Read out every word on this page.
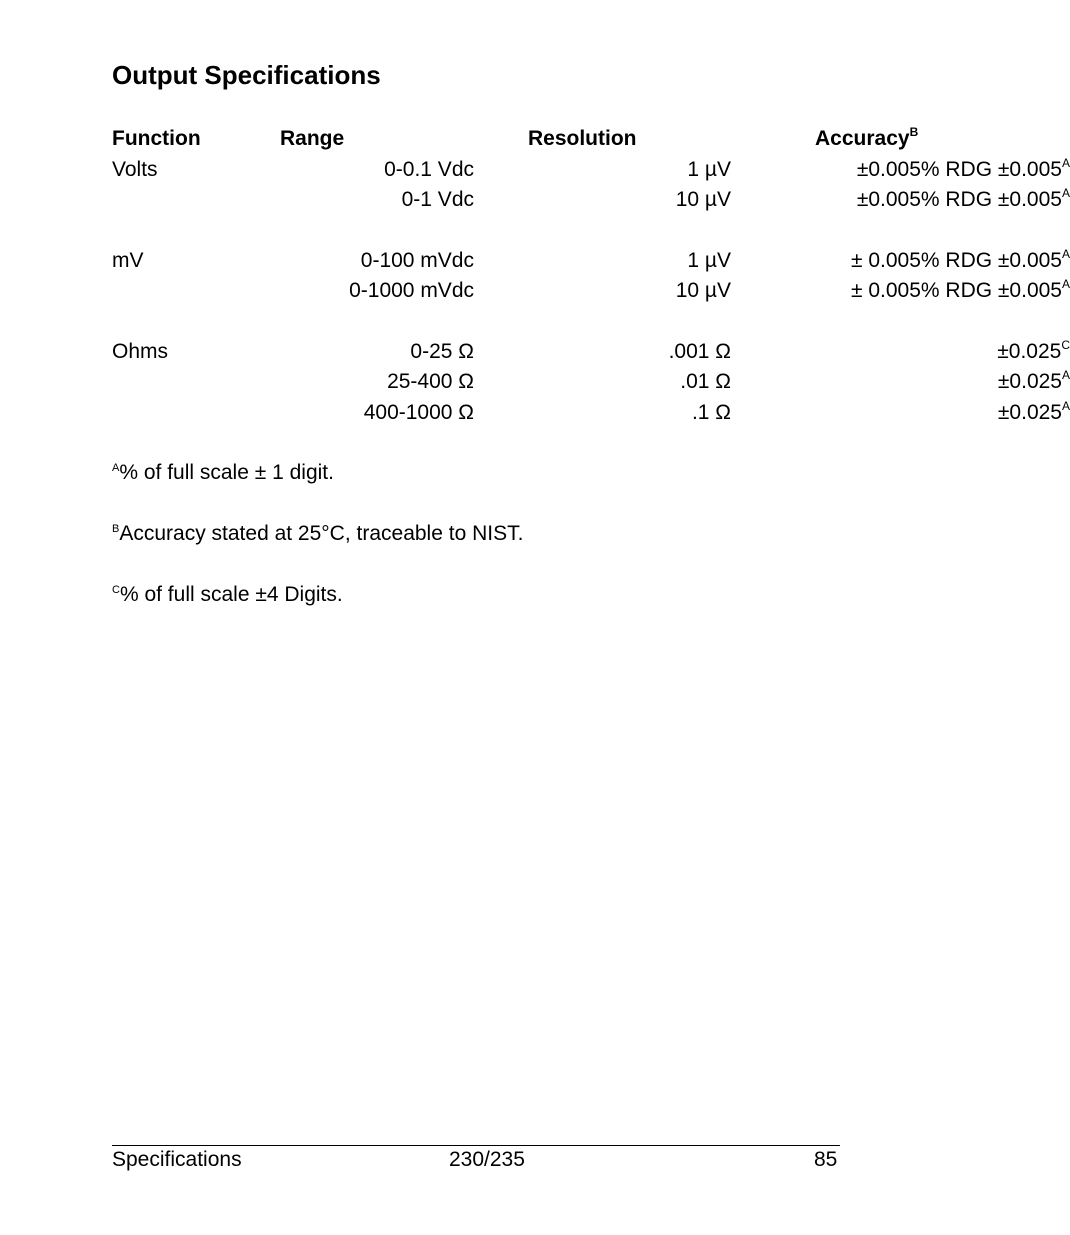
Output Specifications
Function	Range	Resolution	Accuracy$^B$
Volts	0-0.1 Vdc	1 µV	±0.005% RDG $\pm 0.005^A$
	0-1 Vdc	10 µV	±0.005% RDG $\pm 0.005^A$

mV	0-100 mVdc	1 µV	± 0.005% RDG $\pm 0.005^A$
	0-1000 mVdc	10 µV	± 0.005% RDG $\pm 0.005^A$

Ohms	0-25 Ω	.001 Ω	$\pm 0.025^C$
	25-400 Ω	.01 Ω	$\pm 0.025^A$
	400-1000 Ω	.1 Ω	$\pm 0.025^A$

$^A$% of full scale ± 1 digit.

$^B$Accuracy stated at 25°C, traceable to NIST.

$^C$% of full scale ±4 Digits.

Specifications	230/235	85
